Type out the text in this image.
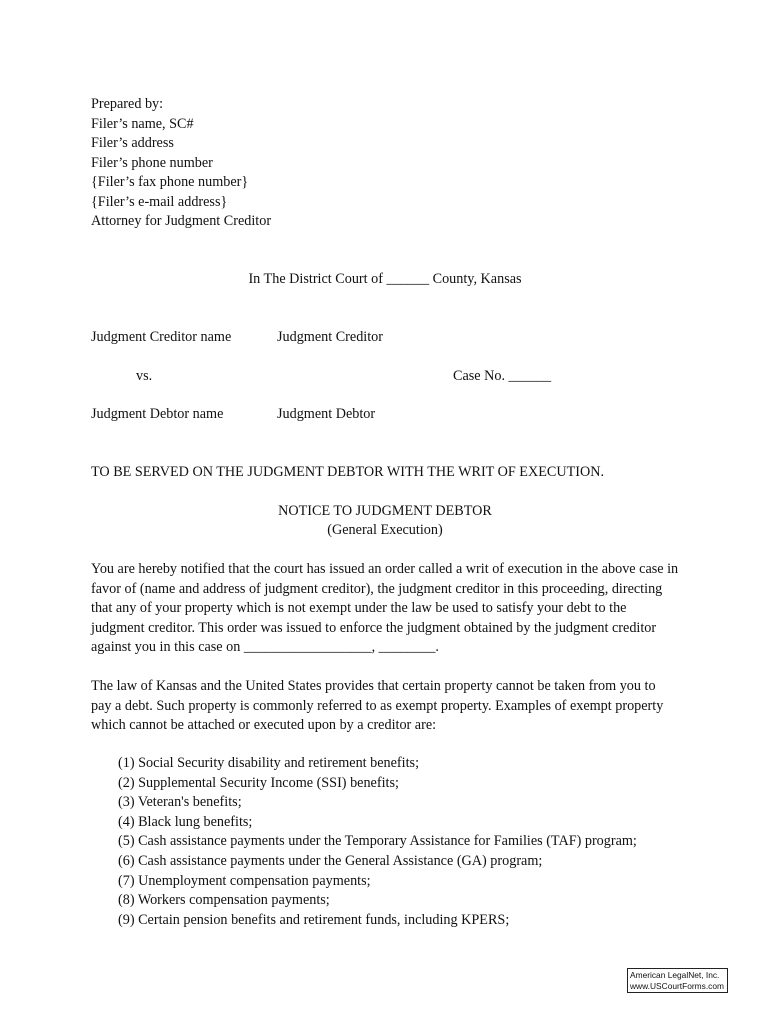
Prepared by:
Filer’s name, SC#
Filer’s address
Filer’s phone number
{Filer’s fax phone number}
{Filer’s e-mail address}
Attorney for Judgment Creditor
In The District Court of ______ County, Kansas
Judgment Creditor name	Judgment Creditor
vs.	Case No. ______
Judgment Debtor name	Judgment Debtor
TO BE SERVED ON THE JUDGMENT DEBTOR WITH THE WRIT OF EXECUTION.
NOTICE TO JUDGMENT DEBTOR
(General Execution)
You are hereby notified that the court has issued an order called a writ of execution in the above case in
favor of (name and address of judgment creditor), the judgment creditor in this proceeding, directing
that any of your property which is not exempt under the law be used to satisfy your debt to the
judgment creditor. This order was issued to enforce the judgment obtained by the judgment creditor
against you in this case on __________________, ________.
The law of Kansas and the United States provides that certain property cannot be taken from you to
pay a debt. Such property is commonly referred to as exempt property. Examples of exempt property
which cannot be attached or executed upon by a creditor are:
(1) Social Security disability and retirement benefits;
(2) Supplemental Security Income (SSI) benefits;
(3) Veteran's benefits;
(4) Black lung benefits;
(5) Cash assistance payments under the Temporary Assistance for Families (TAF) program;
(6) Cash assistance payments under the General Assistance (GA) program;
(7) Unemployment compensation payments;
(8) Workers compensation payments;
(9) Certain pension benefits and retirement funds, including KPERS;
American LegalNet, Inc.
www.USCourtForms.com
